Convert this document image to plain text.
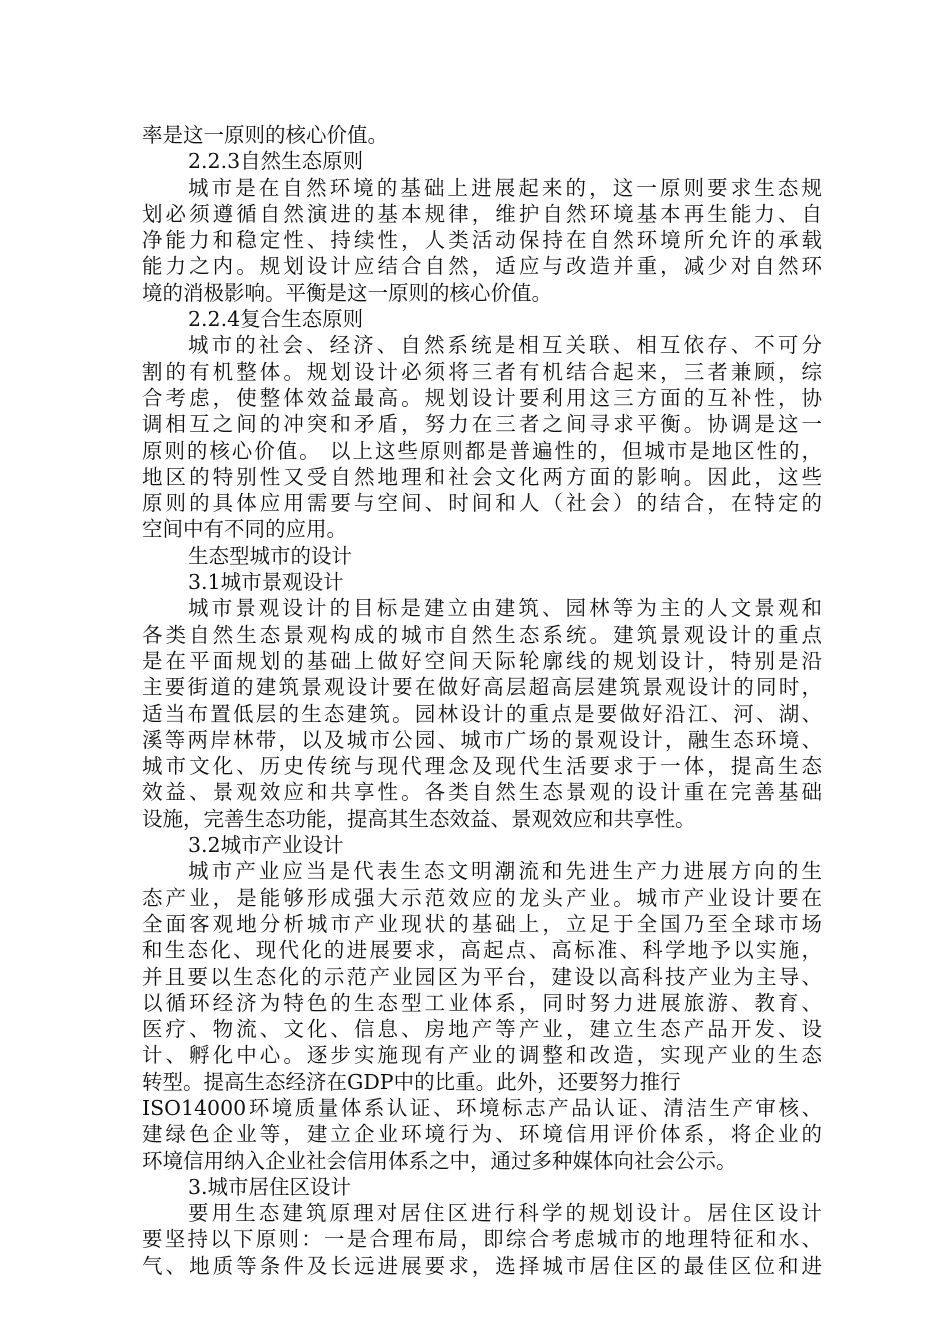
率是这一原则的核心价值。
2.2.3自然生态原则
城市是在自然环境的基础上进展起来的，这一原则要求生态规
划必须遵循自然演进的基本规律，维护自然环境基本再生能力、自
净能力和稳定性、持续性，人类活动保持在自然环境所允许的承载
能力之内。规划设计应结合自然，适应与改造并重，减少对自然环
境的消极影响。平衡是这一原则的核心价值。
2.2.4复合生态原则
城市的社会、经济、自然系统是相互关联、相互依存、不可分
割的有机整体。规划设计必须将三者有机结合起来，三者兼顾，综
合考虑，使整体效益最高。规划设计要利用这三方面的互补性，协
调相互之间的冲突和矛盾，努力在三者之间寻求平衡。协调是这一
原则的核心价值。 以上这些原则都是普遍性的，但城市是地区性的，
地区的特别性又受自然地理和社会文化两方面的影响。因此，这些
原则的具体应用需要与空间、时间和人（社会）的结合，在特定的
空间中有不同的应用。
生态型城市的设计
3.1城市景观设计
城市景观设计的目标是建立由建筑、园林等为主的人文景观和
各类自然生态景观构成的城市自然生态系统。建筑景观设计的重点
是在平面规划的基础上做好空间天际轮廓线的规划设计，特别是沿
主要街道的建筑景观设计要在做好高层超高层建筑景观设计的同时，
适当布置低层的生态建筑。园林设计的重点是要做好沿江、河、湖、
溪等两岸林带，以及城市公园、城市广场的景观设计，融生态环境、
城市文化、历史传统与现代理念及现代生活要求于一体，提高生态
效益、景观效应和共享性。各类自然生态景观的设计重在完善基础
设施，完善生态功能，提高其生态效益、景观效应和共享性。
3.2城市产业设计
城市产业应当是代表生态文明潮流和先进生产力进展方向的生
态产业，是能够形成强大示范效应的龙头产业。城市产业设计要在
全面客观地分析城市产业现状的基础上，立足于全国乃至全球市场
和生态化、现代化的进展要求，高起点、高标准、科学地予以实施，
并且要以生态化的示范产业园区为平台，建设以高科技产业为主导、
以循环经济为特色的生态型工业体系，同时努力进展旅游、教育、
医疗、物流、文化、信息、房地产等产业，建立生态产品开发、设
计、孵化中心。逐步实施现有产业的调整和改造，实现产业的生态
转型。提高生态经济在GDP中的比重。此外，还要努力推行
ISO14000环境质量体系认证、环境标志产品认证、清洁生产审核、
建绿色企业等，建立企业环境行为、环境信用评价体系，将企业的
环境信用纳入企业社会信用体系之中，通过多种媒体向社会公示。
3.城市居住区设计
要用生态建筑原理对居住区进行科学的规划设计。居住区设计
要坚持以下原则：一是合理布局，即综合考虑城市的地理特征和水、
气、地质等条件及长远进展要求，选择城市居住区的最佳区位和进
